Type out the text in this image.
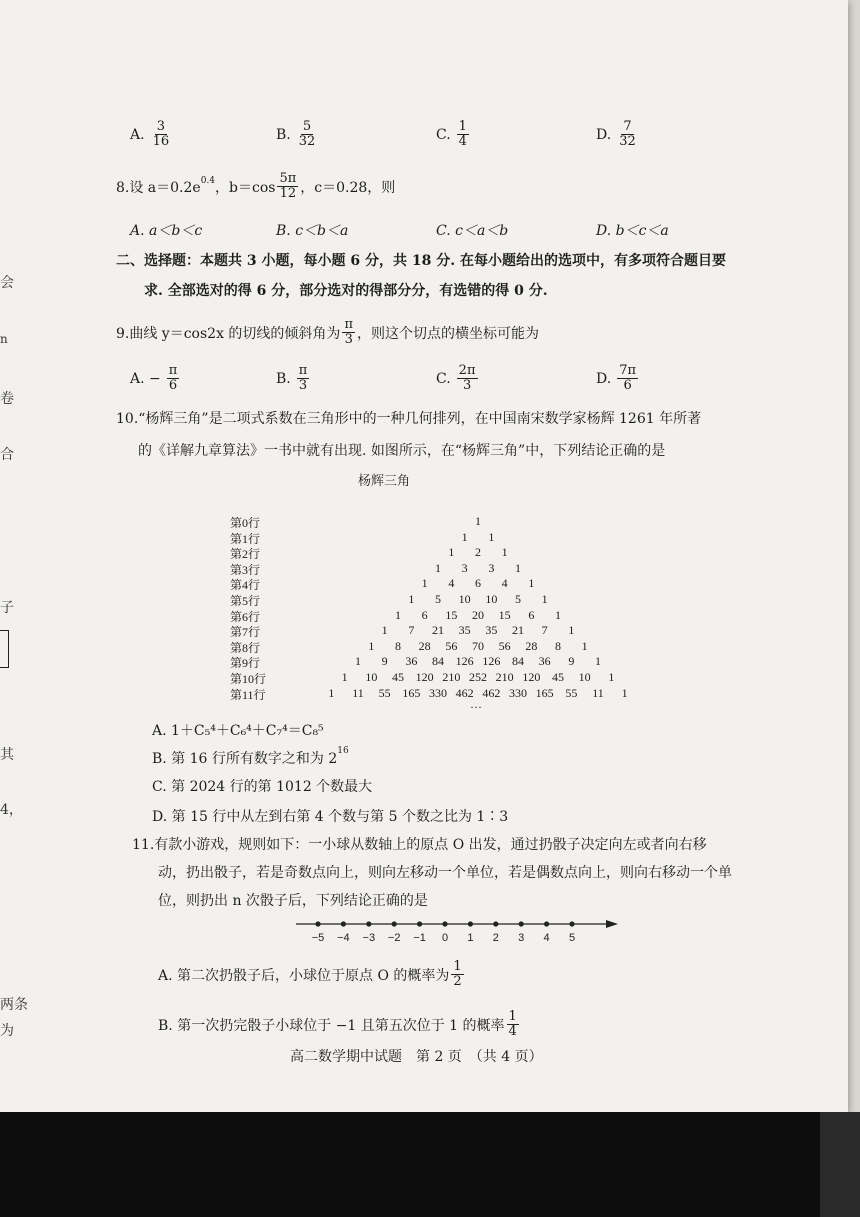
会
n
卷
合
子
其
4，
两条
为
A. $\frac{3}{16}$	B. $\frac{5}{32}$	C. $\frac{1}{4}$	D. $\frac{7}{32}$
8.设 $a=0.2e^{0.4}$ ，$b=\cos \frac{5\pi}{12}$ ，c＝0.28，则
A. a＜b＜c	B. c＜b＜a	C. c＜a＜b	D. b＜c＜a
二、选择题：本题共 3 小题，每小题 6 分，共 18 分. 在每小题给出的选项中，有多项符合题目要
求. 全部选对的得 6 分，部分选对的得部分分，有选错的得 0 分.
9.曲线 y＝cos2x 的切线的倾斜角为 $\frac{\pi}{3}$ ，则这个切点的横坐标可能为
A. − $\frac{\pi}{6}$	B. $\frac{\pi}{3}$	C. $\frac{2\pi}{3}$	D. $\frac{7\pi}{6}$
10.“杨辉三角”是二项式系数在三角形中的一种几何排列，在中国南宋数学家杨辉 1261 年所著
的《详解九章算法》一书中就有出现. 如图所示，在“杨辉三角”中，下列结论正确的是
杨辉三角
…
A. 1＋C₅⁴＋C₆⁴＋C₇⁴＝C₈⁵
B. 第 16 行所有数字之和为 $2^{16}$
C. 第 2024 行的第 1012 个数最大
D. 第 15 行中从左到右第 4 个数与第 5 个数之比为 1∶3
11.有款小游戏，规则如下：一小球从数轴上的原点 O 出发，通过扔骰子决定向左或者向右移
动，扔出骰子，若是奇数点向上，则向左移动一个单位，若是偶数点向上，则向右移动一个单
位，则扔出 n 次骰子后，下列结论正确的是
−5 −4 −3 −2 −1 0 1 2 3 4 5
A. 第二次扔骰子后，小球位于原点 O 的概率为 $\frac{1}{2}$
B. 第一次扔完骰子小球位于 −1 且第五次位于 1 的概率 $\frac{1}{4}$
高二数学期中试题　第 2 页　（共 4 页）
第0行	1
第1行	1	1
第2行	1	2	1
第3行	1	3	3	1
第4行	1	4	6	4	1
第5行	1	5	10	10	5	1
第6行	1	6	15	20	15	6	1
第7行	1	7	21	35	35	21	7	1
第8行	1	8	28	56	70	56	28	8	1
第9行	1	9	36	84 126 126 84	36	9	1
第10行	1	10	45 120 210 252 210 120 45	10	1
第11行	1	11	55 165 330 462 462 330 165 55	11	1
